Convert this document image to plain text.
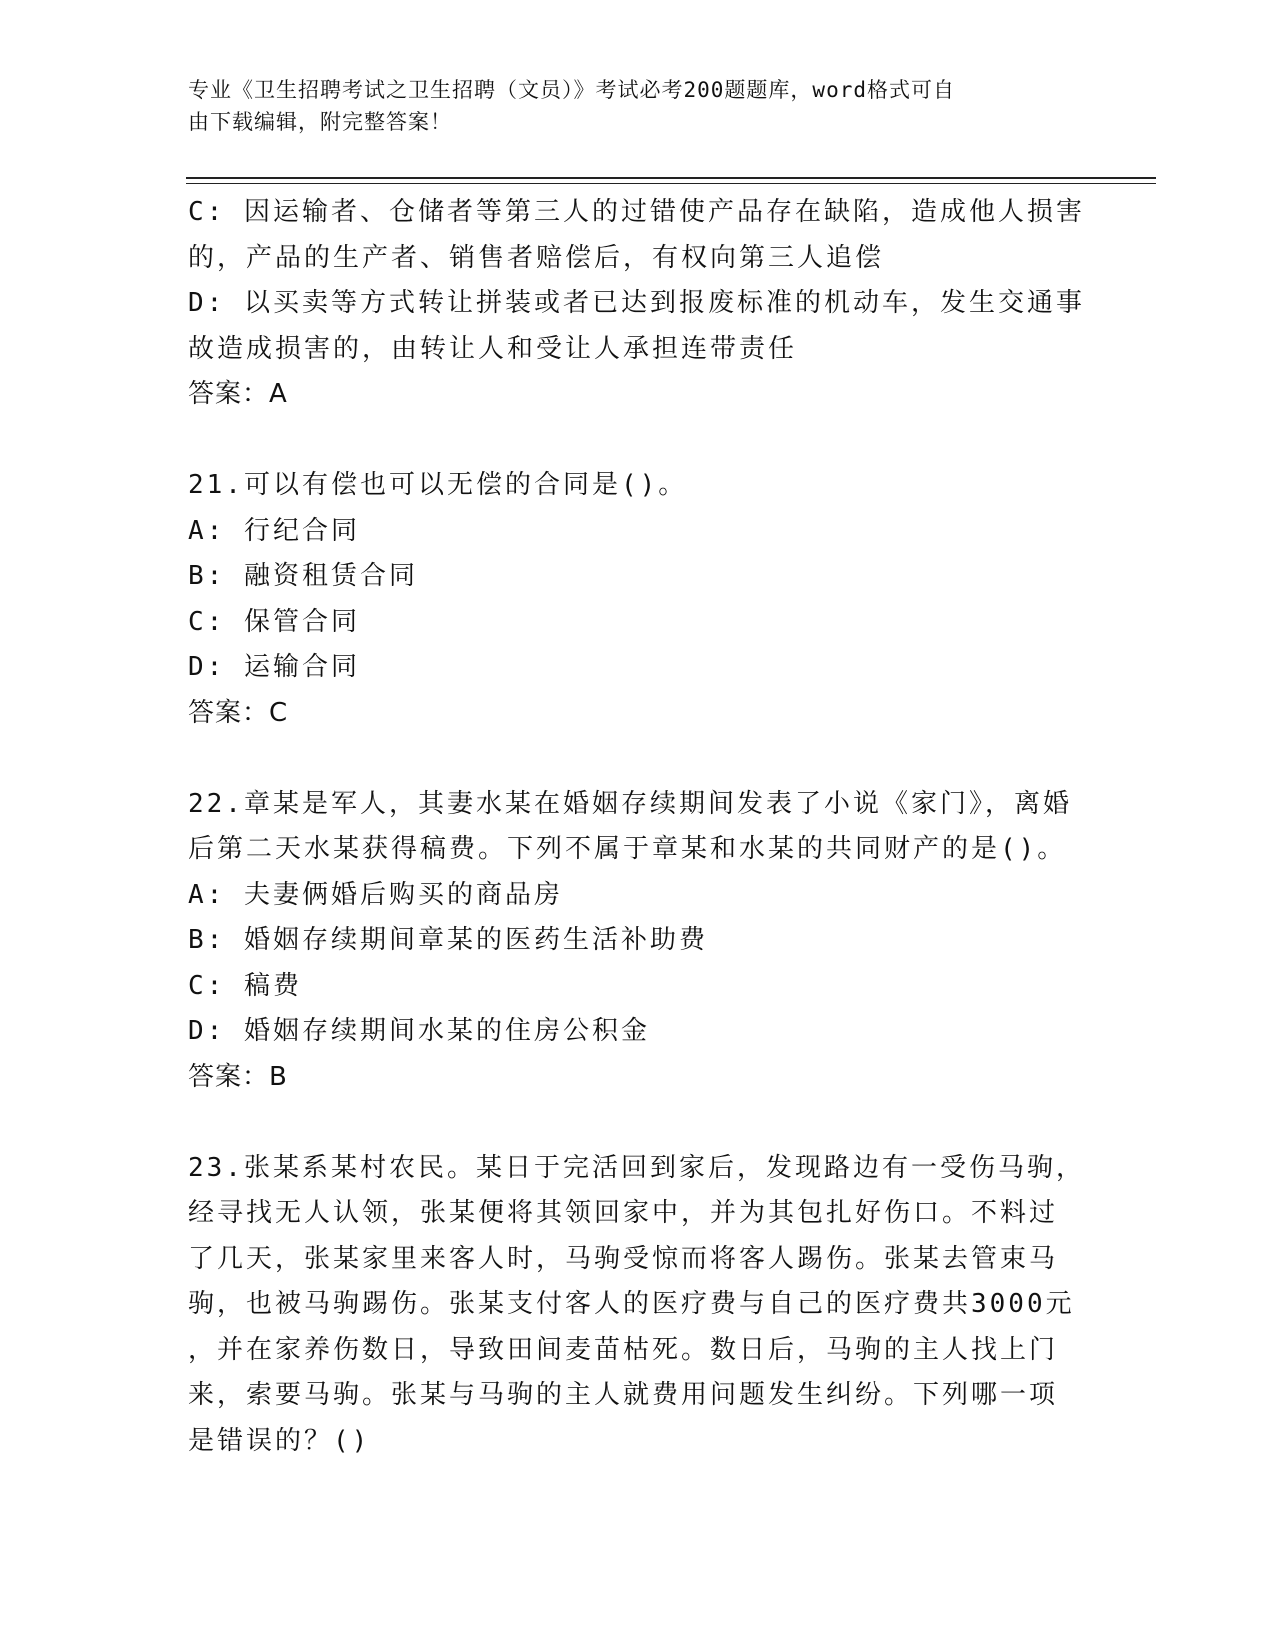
专业《卫生招聘考试之卫生招聘（文员）》考试必考200题题库，word格式可自
由下载编辑，附完整答案！
C: 因运输者、仓储者等第三人的过错使产品存在缺陷，造成他人损害
的，产品的生产者、销售者赔偿后，有权向第三人追偿
D: 以买卖等方式转让拼装或者已达到报废标准的机动车，发生交通事
故造成损害的，由转让人和受让人承担连带责任
答案：A
21.可以有偿也可以无偿的合同是()。
A: 行纪合同
B: 融资租赁合同
C: 保管合同
D: 运输合同
答案：C
22.章某是军人，其妻水某在婚姻存续期间发表了小说《家门》，离婚
后第二天水某获得稿费。下列不属于章某和水某的共同财产的是()。
A: 夫妻俩婚后购买的商品房
B: 婚姻存续期间章某的医药生活补助费
C: 稿费
D: 婚姻存续期间水某的住房公积金
答案：B
23.张某系某村农民。某日于完活回到家后，发现路边有一受伤马驹，
经寻找无人认领，张某便将其领回家中，并为其包扎好伤口。不料过
了几天，张某家里来客人时，马驹受惊而将客人踢伤。张某去管束马
驹，也被马驹踢伤。张某支付客人的医疗费与自己的医疗费共3000元
，并在家养伤数日，导致田间麦苗枯死。数日后，马驹的主人找上门
来，索要马驹。张某与马驹的主人就费用问题发生纠纷。下列哪一项
是错误的？()
